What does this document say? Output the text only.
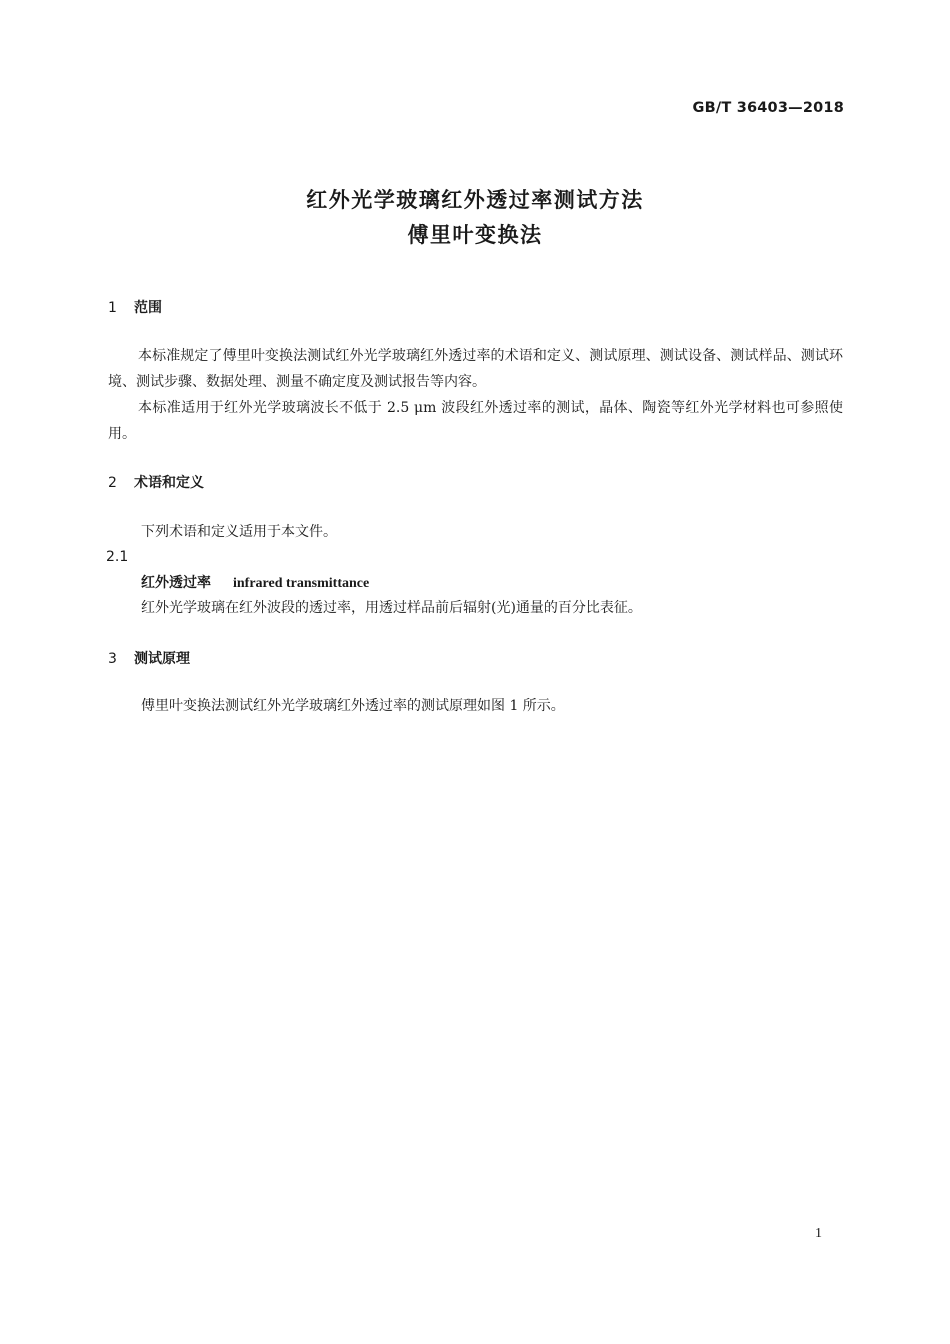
GB/T 36403—2018
红外光学玻璃红外透过率测试方法
傅里叶变换法
1 范围
本标准规定了傅里叶变换法测试红外光学玻璃红外透过率的术语和定义、测试原理、测试设备、测试样品、测试环境、测试步骤、数据处理、测量不确定度及测试报告等内容。
本标准适用于红外光学玻璃波长不低于 2.5 μm 波段红外透过率的测试，晶体、陶瓷等红外光学材料也可参照使用。
2 术语和定义
下列术语和定义适用于本文件。
2.1
红外透过率 infrared transmittance
红外光学玻璃在红外波段的透过率，用透过样品前后辐射(光)通量的百分比表征。
3 测试原理
傅里叶变换法测试红外光学玻璃红外透过率的测试原理如图 1 所示。
1
